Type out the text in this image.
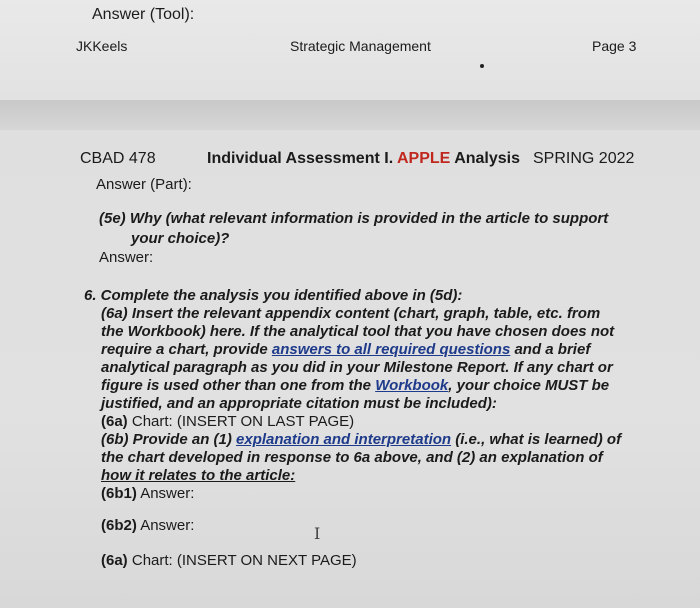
Answer (Tool):
JKKeels	Strategic Management	Page 3
CBAD 478	Individual Assessment I. APPLE Analysis SPRING 2022
Answer (Part):
(5e) Why (what relevant information is provided in the article to support
your choice)?
Answer:
6. Complete the analysis you identified above in (5d):
(6a) Insert the relevant appendix content (chart, graph, table, etc. from
the Workbook) here. If the analytical tool that you have chosen does not
require a chart, provide answers to all required questions and a brief
analytical paragraph as you did in your Milestone Report. If any chart or
figure is used other than one from the Workbook, your choice MUST be
justified, and an appropriate citation must be included):
(6a) Chart: (INSERT ON LAST PAGE)
(6b) Provide an (1) explanation and interpretation (i.e., what is learned) of
the chart developed in response to 6a above, and (2) an explanation of
how it relates to the article:
(6b1) Answer:
(6b2) Answer:	I
(6a) Chart: (INSERT ON NEXT PAGE)
